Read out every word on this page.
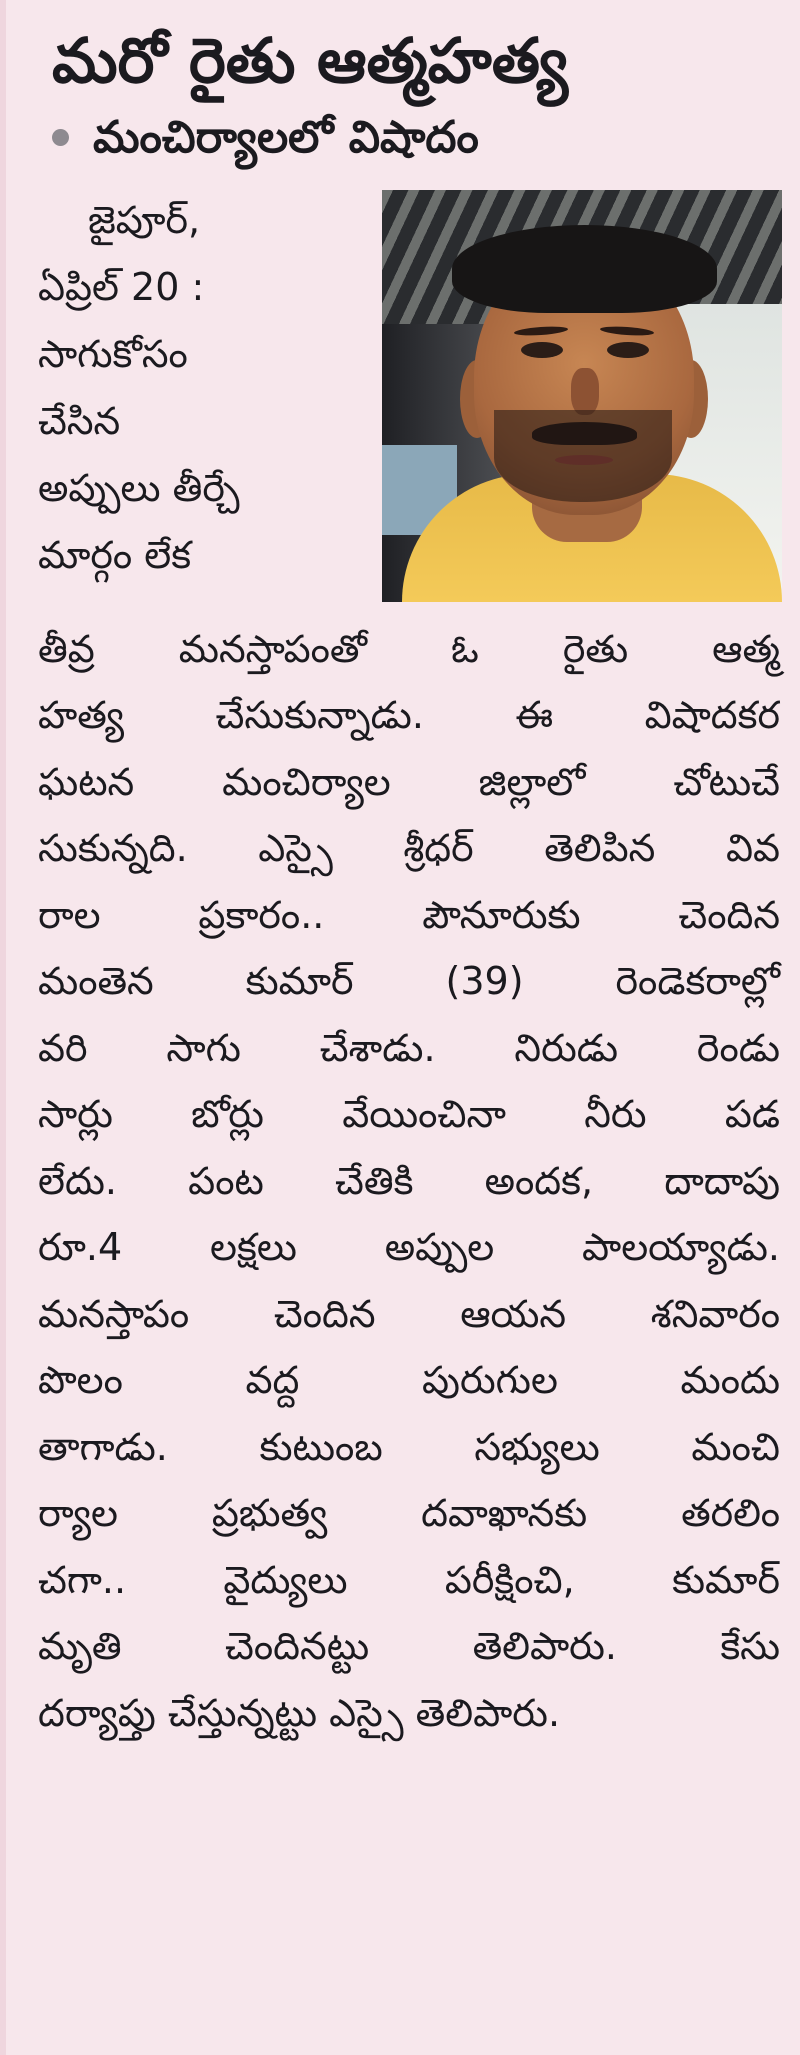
మరో రైతు ఆత్మహత్య
మంచిర్యాలలో విషాదం
జైపూర్,
ఏప్రిల్ 20 :
సాగుకోసం
చేసిన
అప్పులు తీర్చే
మార్గం లేక
తీవ్ర మనస్తాపంతో ఓ రైతు ఆత్మ
హత్య చేసుకున్నాడు. ఈ విషాదకర
ఘటన మంచిర్యాల జిల్లాలో చోటుచే
సుకున్నది. ఎస్సై శ్రీధర్ తెలిపిన వివ
రాల ప్రకారం.. పౌనూరుకు చెందిన
మంతెన కుమార్ (39) రెండెకరాల్లో
వరి సాగు చేశాడు. నిరుడు రెండు
సార్లు బోర్లు వేయించినా నీరు పడ
లేదు. పంట చేతికి అందక, దాదాపు
రూ.4 లక్షలు అప్పుల పాలయ్యాడు.
మనస్తాపం చెందిన ఆయన శనివారం
పొలం వద్ద పురుగుల మందు
తాగాడు. కుటుంబ సభ్యులు మంచి
ర్యాల ప్రభుత్వ దవాఖానకు తరలిం
చగా.. వైద్యులు పరీక్షించి, కుమార్
మృతి చెందినట్టు తెలిపారు. కేసు
దర్యాప్తు చేస్తున్నట్టు ఎస్సై తెలిపారు.
